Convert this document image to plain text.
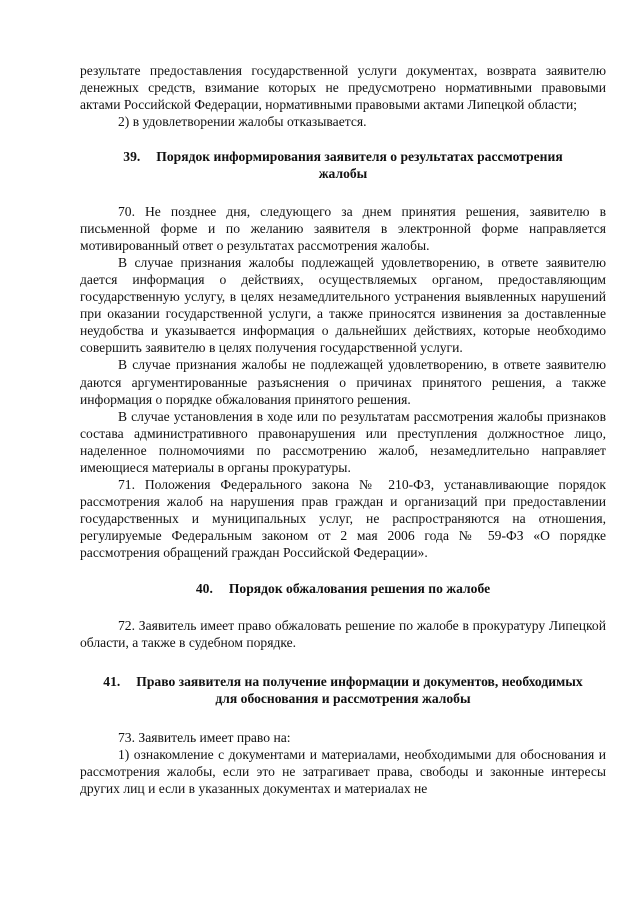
результате предоставления государственной услуги документах, возврата заявителю денежных средств, взимание которых не предусмотрено нормативными правовыми актами Российской Федерации, нормативными правовыми актами Липецкой области;

2) в удовлетворении жалобы отказывается.

39. Порядок информирования заявителя о результатах рассмотрения жалобы

70. Не позднее дня, следующего за днем принятия решения, заявителю в письменной форме и по желанию заявителя в электронной форме направляется мотивированный ответ о результатах рассмотрения жалобы.

В случае признания жалобы подлежащей удовлетворению, в ответе заявителю дается информация о действиях, осуществляемых органом, предоставляющим государственную услугу, в целях незамедлительного устранения выявленных нарушений при оказании государственной услуги, а также приносятся извинения за доставленные неудобства и указывается информация о дальнейших действиях, которые необходимо совершить заявителю в целях получения государственной услуги.

В случае признания жалобы не подлежащей удовлетворению, в ответе заявителю даются аргументированные разъяснения о причинах принятого решения, а также информация о порядке обжалования принятого решения.

В случае установления в ходе или по результатам рассмотрения жалобы признаков состава административного правонарушения или преступления должностное лицо, наделенное полномочиями по рассмотрению жалоб, незамедлительно направляет имеющиеся материалы в органы прокуратуры.

71. Положения Федерального закона № 210-ФЗ, устанавливающие порядок рассмотрения жалоб на нарушения прав граждан и организаций при предоставлении государственных и муниципальных услуг, не распространяются на отношения, регулируемые Федеральным законом от 2 мая 2006 года № 59-ФЗ «О порядке рассмотрения обращений граждан Российской Федерации».

40. Порядок обжалования решения по жалобе

72. Заявитель имеет право обжаловать решение по жалобе в прокуратуру Липецкой области, а также в судебном порядке.

41. Право заявителя на получение информации и документов, необходимых для обоснования и рассмотрения жалобы

73. Заявитель имеет право на:

1) ознакомление с документами и материалами, необходимыми для обоснования и рассмотрения жалобы, если это не затрагивает права, свободы и законные интересы других лиц и если в указанных документах и материалах не
